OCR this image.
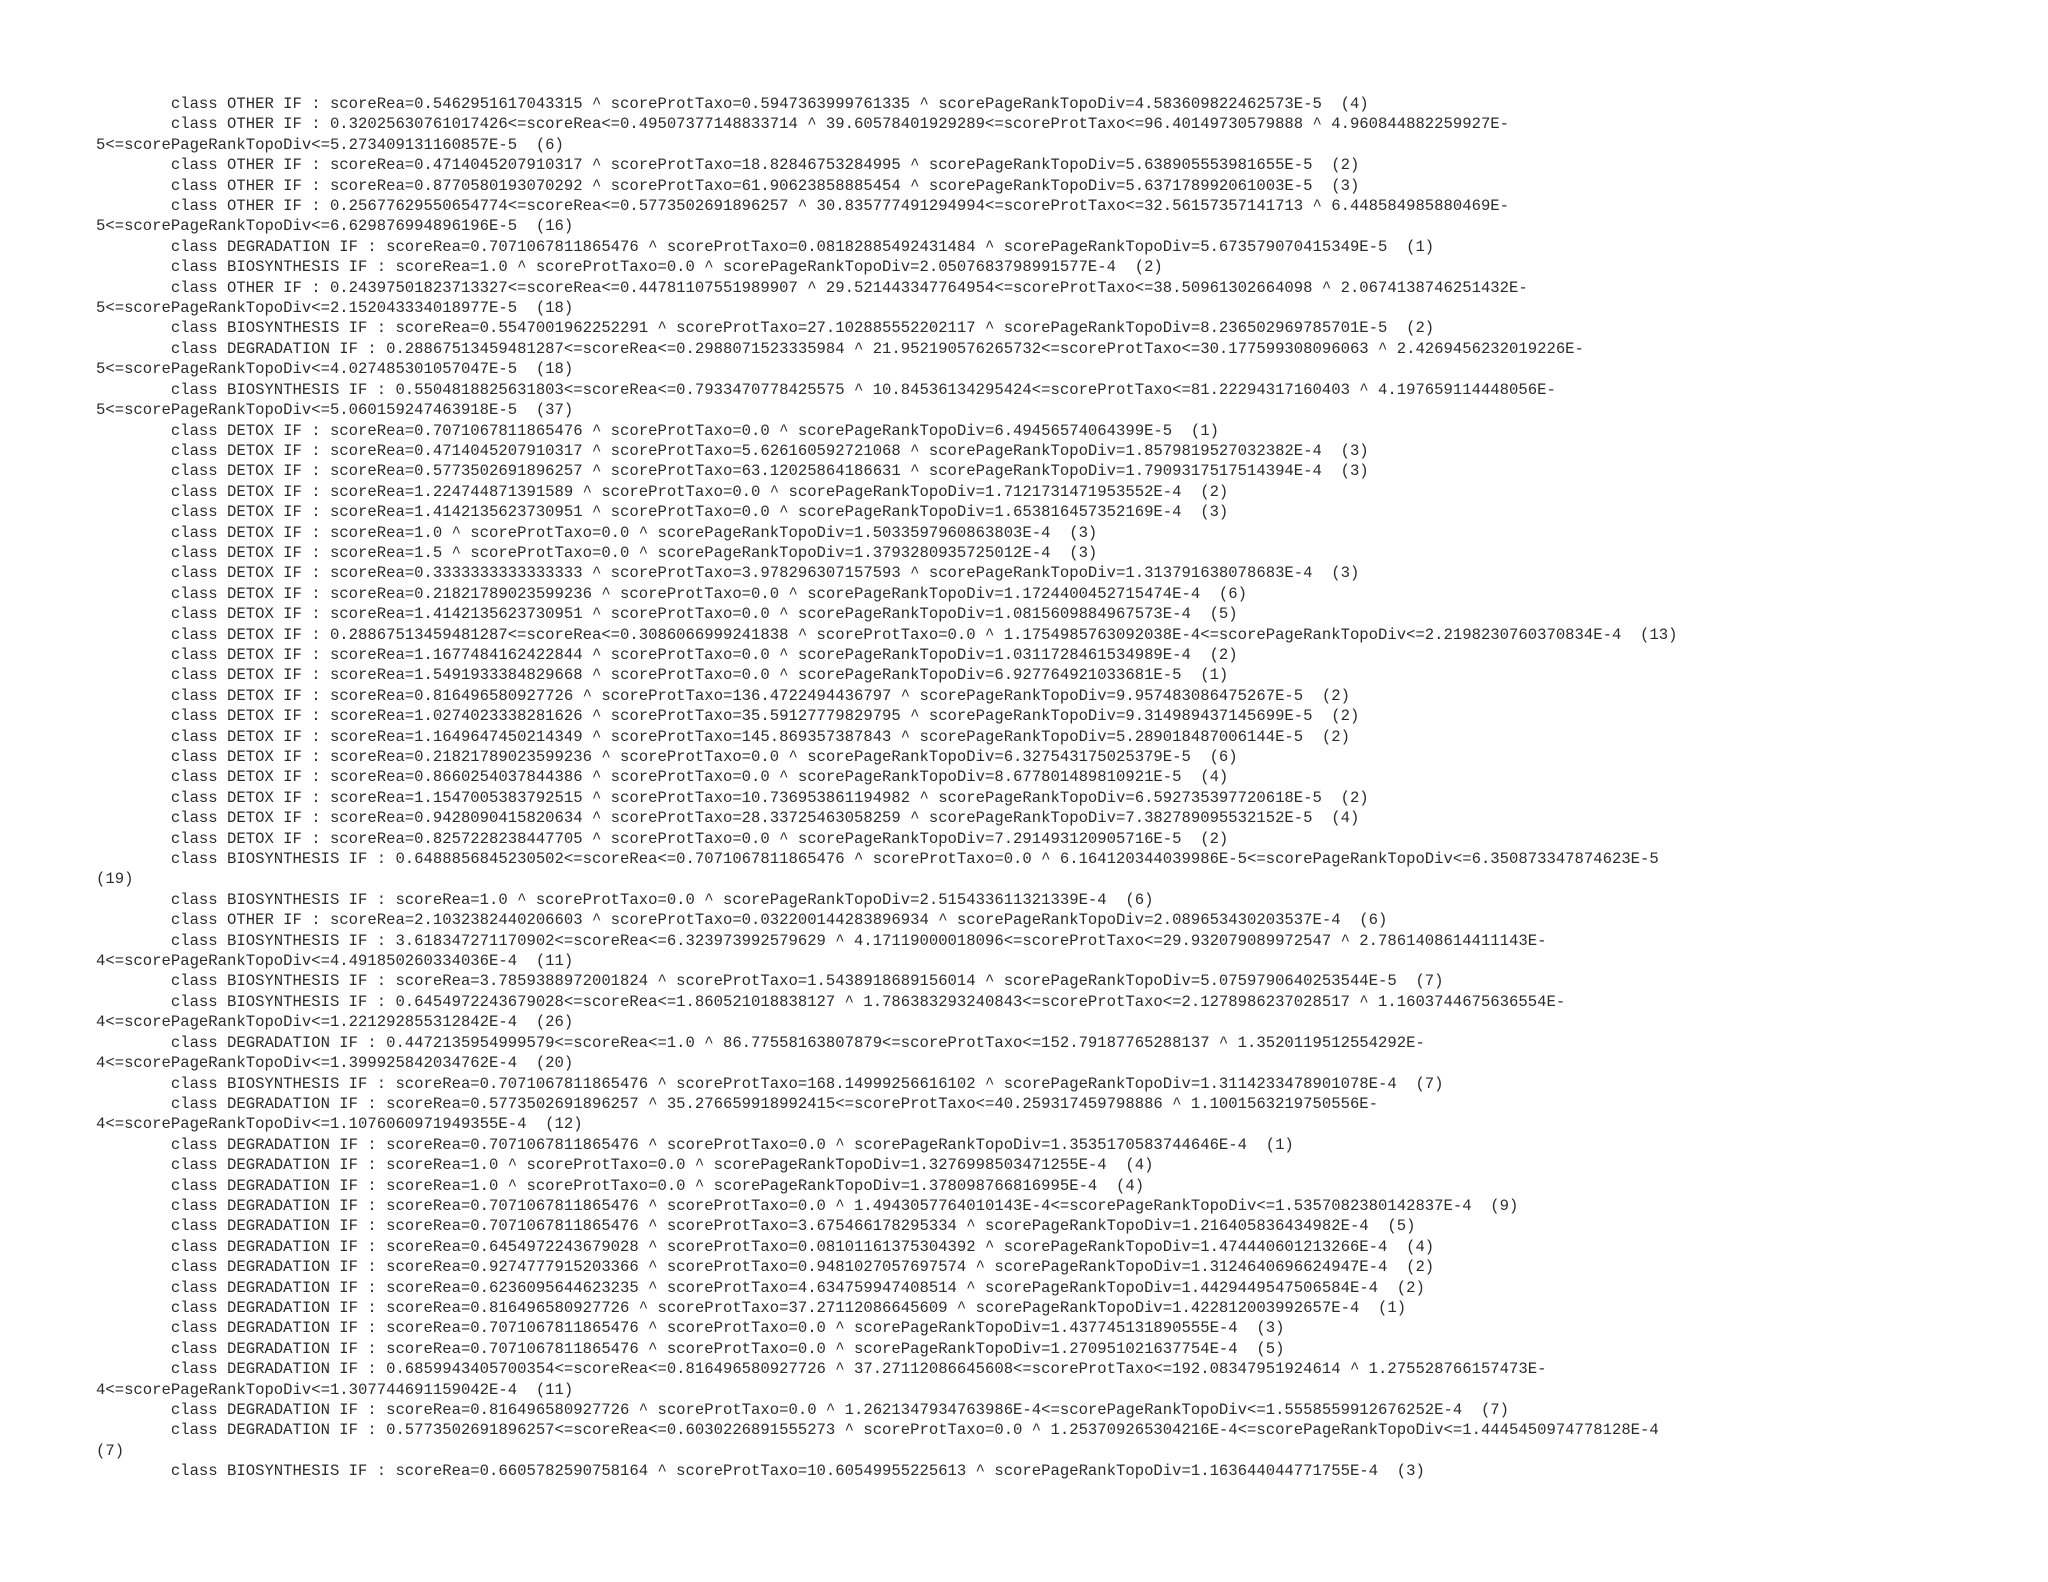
class OTHER IF : scoreRea=0.5462951617043315 ^ scoreProtTaxo=0.5947363999761335 ^ scorePageRankTopoDiv=4.583609822462573E-5  (4)
class OTHER IF : 0.32025630761017426<=scoreRea<=0.49507377148833714 ^ 39.60578401929289<=scoreProtTaxo<=96.40149730579888 ^ 4.960844882259927E-
5<=scorePageRankTopoDiv<=5.273409131160857E-5  (6)
class OTHER IF : scoreRea=0.4714045207910317 ^ scoreProtTaxo=18.82846753284995 ^ scorePageRankTopoDiv=5.638905553981655E-5  (2)
class OTHER IF : scoreRea=0.8770580193070292 ^ scoreProtTaxo=61.90623858885454 ^ scorePageRankTopoDiv=5.637178992061003E-5  (3)
class OTHER IF : 0.25677629550654774<=scoreRea<=0.5773502691896257 ^ 30.835777491294994<=scoreProtTaxo<=32.56157357141713 ^ 6.448584985880469E-
5<=scorePageRankTopoDiv<=6.629876994896196E-5  (16)
class DEGRADATION IF : scoreRea=0.7071067811865476 ^ scoreProtTaxo=0.08182885492431484 ^ scorePageRankTopoDiv=5.673579070415349E-5  (1)
class BIOSYNTHESIS IF : scoreRea=1.0 ^ scoreProtTaxo=0.0 ^ scorePageRankTopoDiv=2.0507683798991577E-4  (2)
class OTHER IF : 0.24397501823713327<=scoreRea<=0.44781107551989907 ^ 29.521443347764954<=scoreProtTaxo<=38.50961302664098 ^ 2.0674138746251432E-
5<=scorePageRankTopoDiv<=2.152043334018977E-5  (18)
class BIOSYNTHESIS IF : scoreRea=0.5547001962252291 ^ scoreProtTaxo=27.102885552202117 ^ scorePageRankTopoDiv=8.236502969785701E-5  (2)
class DEGRADATION IF : 0.28867513459481287<=scoreRea<=0.2988071523335984 ^ 21.952190576265732<=scoreProtTaxo<=30.177599308096063 ^ 2.4269456232019226E-
5<=scorePageRankTopoDiv<=4.027485301057047E-5  (18)
class BIOSYNTHESIS IF : 0.5504818825631803<=scoreRea<=0.7933470778425575 ^ 10.84536134295424<=scoreProtTaxo<=81.22294317160403 ^ 4.197659114448056E-
5<=scorePageRankTopoDiv<=5.060159247463918E-5  (37)
class DETOX IF : scoreRea=0.7071067811865476 ^ scoreProtTaxo=0.0 ^ scorePageRankTopoDiv=6.49456574064399E-5  (1)
class DETOX IF : scoreRea=0.4714045207910317 ^ scoreProtTaxo=5.626160592721068 ^ scorePageRankTopoDiv=1.8579819527032382E-4  (3)
class DETOX IF : scoreRea=0.5773502691896257 ^ scoreProtTaxo=63.12025864186631 ^ scorePageRankTopoDiv=1.7909317517514394E-4  (3)
class DETOX IF : scoreRea=1.224744871391589 ^ scoreProtTaxo=0.0 ^ scorePageRankTopoDiv=1.7121731471953552E-4  (2)
class DETOX IF : scoreRea=1.4142135623730951 ^ scoreProtTaxo=0.0 ^ scorePageRankTopoDiv=1.653816457352169E-4  (3)
class DETOX IF : scoreRea=1.0 ^ scoreProtTaxo=0.0 ^ scorePageRankTopoDiv=1.5033597960863803E-4  (3)
class DETOX IF : scoreRea=1.5 ^ scoreProtTaxo=0.0 ^ scorePageRankTopoDiv=1.3793280935725012E-4  (3)
class DETOX IF : scoreRea=0.3333333333333333 ^ scoreProtTaxo=3.978296307157593 ^ scorePageRankTopoDiv=1.313791638078683E-4  (3)
class DETOX IF : scoreRea=0.21821789023599236 ^ scoreProtTaxo=0.0 ^ scorePageRankTopoDiv=1.1724400452715474E-4  (6)
class DETOX IF : scoreRea=1.4142135623730951 ^ scoreProtTaxo=0.0 ^ scorePageRankTopoDiv=1.0815609884967573E-4  (5)
class DETOX IF : 0.28867513459481287<=scoreRea<=0.3086066999241838 ^ scoreProtTaxo=0.0 ^ 1.1754985763092038E-4<=scorePageRankTopoDiv<=2.2198230760370834E-4  (13)
class DETOX IF : scoreRea=1.1677484162422844 ^ scoreProtTaxo=0.0 ^ scorePageRankTopoDiv=1.0311728461534989E-4  (2)
class DETOX IF : scoreRea=1.5491933384829668 ^ scoreProtTaxo=0.0 ^ scorePageRankTopoDiv=6.927764921033681E-5  (1)
class DETOX IF : scoreRea=0.816496580927726 ^ scoreProtTaxo=136.4722494436797 ^ scorePageRankTopoDiv=9.957483086475267E-5  (2)
class DETOX IF : scoreRea=1.0274023338281626 ^ scoreProtTaxo=35.59127779829795 ^ scorePageRankTopoDiv=9.314989437145699E-5  (2)
class DETOX IF : scoreRea=1.1649647450214349 ^ scoreProtTaxo=145.869357387843 ^ scorePageRankTopoDiv=5.289018487006144E-5  (2)
class DETOX IF : scoreRea=0.21821789023599236 ^ scoreProtTaxo=0.0 ^ scorePageRankTopoDiv=6.327543175025379E-5  (6)
class DETOX IF : scoreRea=0.8660254037844386 ^ scoreProtTaxo=0.0 ^ scorePageRankTopoDiv=8.677801489810921E-5  (4)
class DETOX IF : scoreRea=1.1547005383792515 ^ scoreProtTaxo=10.736953861194982 ^ scorePageRankTopoDiv=6.592735397720618E-5  (2)
class DETOX IF : scoreRea=0.9428090415820634 ^ scoreProtTaxo=28.33725463058259 ^ scorePageRankTopoDiv=7.382789095532152E-5  (4)
class DETOX IF : scoreRea=0.8257228238447705 ^ scoreProtTaxo=0.0 ^ scorePageRankTopoDiv=7.291493120905716E-5  (2)
class BIOSYNTHESIS IF : 0.6488856845230502<=scoreRea<=0.7071067811865476 ^ scoreProtTaxo=0.0 ^ 6.164120344039986E-5<=scorePageRankTopoDiv<=6.350873347874623E-5
(19)
class BIOSYNTHESIS IF : scoreRea=1.0 ^ scoreProtTaxo=0.0 ^ scorePageRankTopoDiv=2.515433611321339E-4  (6)
class OTHER IF : scoreRea=2.1032382440206603 ^ scoreProtTaxo=0.032200144283896934 ^ scorePageRankTopoDiv=2.089653430203537E-4  (6)
class BIOSYNTHESIS IF : 3.618347271170902<=scoreRea<=6.323973992579629 ^ 4.17119000018096<=scoreProtTaxo<=29.932079089972547 ^ 2.7861408614411143E-
4<=scorePageRankTopoDiv<=4.491850260334036E-4  (11)
class BIOSYNTHESIS IF : scoreRea=3.7859388972001824 ^ scoreProtTaxo=1.5438918689156014 ^ scorePageRankTopoDiv=5.0759790640253544E-5  (7)
class BIOSYNTHESIS IF : 0.6454972243679028<=scoreRea<=1.860521018838127 ^ 1.786383293240843<=scoreProtTaxo<=2.1278986237028517 ^ 1.1603744675636554E-
4<=scorePageRankTopoDiv<=1.221292855312842E-4  (26)
class DEGRADATION IF : 0.4472135954999579<=scoreRea<=1.0 ^ 86.77558163807879<=scoreProtTaxo<=152.79187765288137 ^ 1.3520119512554292E-
4<=scorePageRankTopoDiv<=1.399925842034762E-4  (20)
class BIOSYNTHESIS IF : scoreRea=0.7071067811865476 ^ scoreProtTaxo=168.14999256616102 ^ scorePageRankTopoDiv=1.3114233478901078E-4  (7)
class DEGRADATION IF : scoreRea=0.5773502691896257 ^ 35.276659918992415<=scoreProtTaxo<=40.259317459798886 ^ 1.1001563219750556E-
4<=scorePageRankTopoDiv<=1.1076060971949355E-4  (12)
class DEGRADATION IF : scoreRea=0.7071067811865476 ^ scoreProtTaxo=0.0 ^ scorePageRankTopoDiv=1.3535170583744646E-4  (1)
class DEGRADATION IF : scoreRea=1.0 ^ scoreProtTaxo=0.0 ^ scorePageRankTopoDiv=1.3276998503471255E-4  (4)
class DEGRADATION IF : scoreRea=1.0 ^ scoreProtTaxo=0.0 ^ scorePageRankTopoDiv=1.378098766816995E-4  (4)
class DEGRADATION IF : scoreRea=0.7071067811865476 ^ scoreProtTaxo=0.0 ^ 1.4943057764010143E-4<=scorePageRankTopoDiv<=1.5357082380142837E-4  (9)
class DEGRADATION IF : scoreRea=0.7071067811865476 ^ scoreProtTaxo=3.675466178295334 ^ scorePageRankTopoDiv=1.216405836434982E-4  (5)
class DEGRADATION IF : scoreRea=0.6454972243679028 ^ scoreProtTaxo=0.08101161375304392 ^ scorePageRankTopoDiv=1.474440601213266E-4  (4)
class DEGRADATION IF : scoreRea=0.9274777915203366 ^ scoreProtTaxo=0.9481027057697574 ^ scorePageRankTopoDiv=1.3124640696624947E-4  (2)
class DEGRADATION IF : scoreRea=0.6236095644623235 ^ scoreProtTaxo=4.634759947408514 ^ scorePageRankTopoDiv=1.4429449547506584E-4  (2)
class DEGRADATION IF : scoreRea=0.816496580927726 ^ scoreProtTaxo=37.27112086645609 ^ scorePageRankTopoDiv=1.422812003992657E-4  (1)
class DEGRADATION IF : scoreRea=0.7071067811865476 ^ scoreProtTaxo=0.0 ^ scorePageRankTopoDiv=1.437745131890555E-4  (3)
class DEGRADATION IF : scoreRea=0.7071067811865476 ^ scoreProtTaxo=0.0 ^ scorePageRankTopoDiv=1.270951021637754E-4  (5)
class DEGRADATION IF : 0.6859943405700354<=scoreRea<=0.816496580927726 ^ 37.27112086645608<=scoreProtTaxo<=192.08347951924614 ^ 1.275528766157473E-
4<=scorePageRankTopoDiv<=1.307744691159042E-4  (11)
class DEGRADATION IF : scoreRea=0.816496580927726 ^ scoreProtTaxo=0.0 ^ 1.2621347934763986E-4<=scorePageRankTopoDiv<=1.5558559912676252E-4  (7)
class DEGRADATION IF : 0.5773502691896257<=scoreRea<=0.6030226891555273 ^ scoreProtTaxo=0.0 ^ 1.253709265304216E-4<=scorePageRankTopoDiv<=1.4445450974778128E-4
(7)
class BIOSYNTHESIS IF : scoreRea=0.6605782590758164 ^ scoreProtTaxo=10.60549955225613 ^ scorePageRankTopoDiv=1.163644044771755E-4  (3)
